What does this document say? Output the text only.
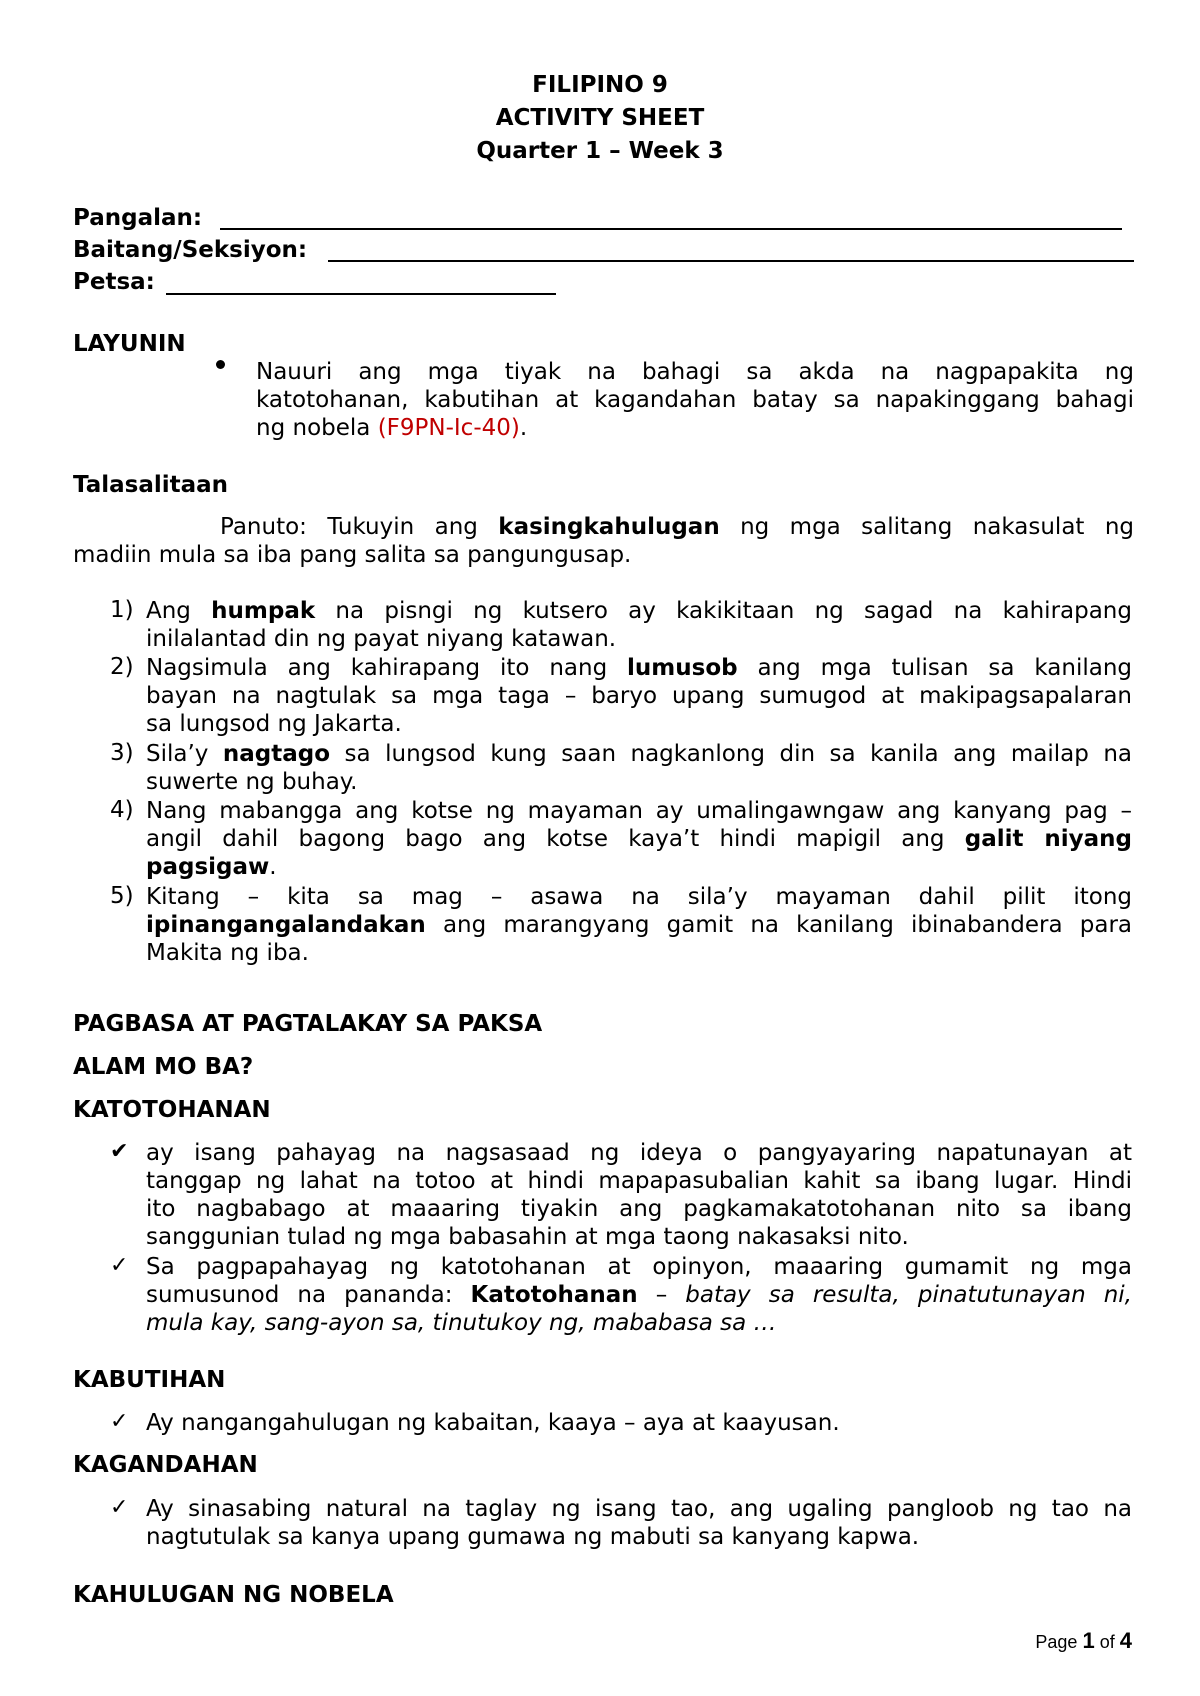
FILIPINO 9
ACTIVITY SHEET
Quarter 1 – Week 3
Pangalan:
Baitang/Seksiyon:
Petsa:
LAYUNIN
Nauuri ang mga tiyak na bahagi sa akda na nagpapakita ng
katotohanan, kabutihan at kagandahan batay sa napakinggang bahagi
ng nobela (F9PN-Ic-40).
Talasalitaan
Panuto: Tukuyin ang kasingkahulugan ng mga salitang nakasulat ng
madiin mula sa iba pang salita sa pangungusap.
1) Ang humpak na pisngi ng kutsero ay kakikitaan ng sagad na kahirapang
inilalantad din ng payat niyang katawan.
2) Nagsimula ang kahirapang ito nang lumusob ang mga tulisan sa kanilang
bayan na nagtulak sa mga taga – baryo upang sumugod at makipagsapalaran
sa lungsod ng Jakarta.
3) Sila’y nagtago sa lungsod kung saan nagkanlong din sa kanila ang mailap na
suwerte ng buhay.
4) Nang mabangga ang kotse ng mayaman ay umalingawngaw ang kanyang pag –
angil dahil bagong bago ang kotse kaya’t hindi mapigil ang galit niyang
pagsigaw.
5) Kitang – kita sa mag – asawa na sila’y mayaman dahil pilit itong
ipinangangalandakan ang marangyang gamit na kanilang ibinabandera para
Makita ng iba.
PAGBASA AT PAGTALAKAY SA PAKSA
ALAM MO BA?
KATOTOHANAN
✔ ay isang pahayag na nagsasaad ng ideya o pangyayaring napatunayan at
tanggap ng lahat na totoo at hindi mapapasubalian kahit sa ibang lugar. Hindi
ito nagbabago at maaaring tiyakin ang pagkamakatotohanan nito sa ibang
sanggunian tulad ng mga babasahin at mga taong nakasaksi nito.
✓ Sa pagpapahayag ng katotohanan at opinyon, maaaring gumamit ng mga
sumusunod na pananda: Katotohanan – batay sa resulta, pinatutunayan ni,
mula kay, sang-ayon sa, tinutukoy ng, mababasa sa …
KABUTIHAN
✓ Ay nangangahulugan ng kabaitan, kaaya – aya at kaayusan.
KAGANDAHAN
✓ Ay sinasabing natural na taglay ng isang tao, ang ugaling pangloob ng tao na
nagtutulak sa kanya upang gumawa ng mabuti sa kanyang kapwa.
KAHULUGAN NG NOBELA
Page 1 of 4
